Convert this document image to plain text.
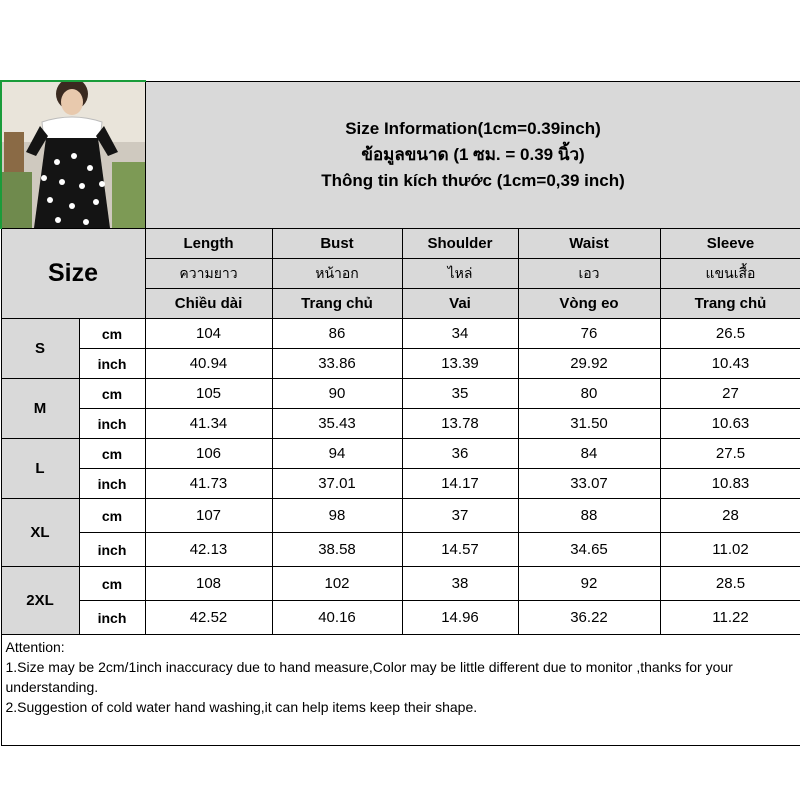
Size Information(1cm=0.39inch)
ข้อมูลขนาด (1 ซม. = 0.39 นิ้ว)
Thông tin kích thước (1cm=0,39 inch)				

Size		Length	Bust	Shoulder	Waist	Sleeve
		ความยาว	หน้าอก	ไหล่	เอว	แขนเสื้อ
		Chiều dài	Trang chủ	Vai	Vòng eo	Trang chủ
S	cm	104	86	34	76	26.5
	inch	40.94	33.86	13.39	29.92	10.43
M	cm	105	90	35	80	27
	inch	41.34	35.43	13.78	31.50	10.63
L	cm	106	94	36	84	27.5
	inch	41.73	37.01	14.17	33.07	10.83
XL	cm	107	98	37	88	28
	inch	42.13	38.58	14.57	34.65	11.02
2XL	cm	108	102	38	92	28.5
	inch	42.52	40.16	14.96	36.22	11.22

Attention:
1.Size may be 2cm/1inch inaccuracy due to hand measure,Color may be little different due to monitor ,thanks for your understanding.
2.Suggestion of cold water hand washing,it can help items keep their shape.						
